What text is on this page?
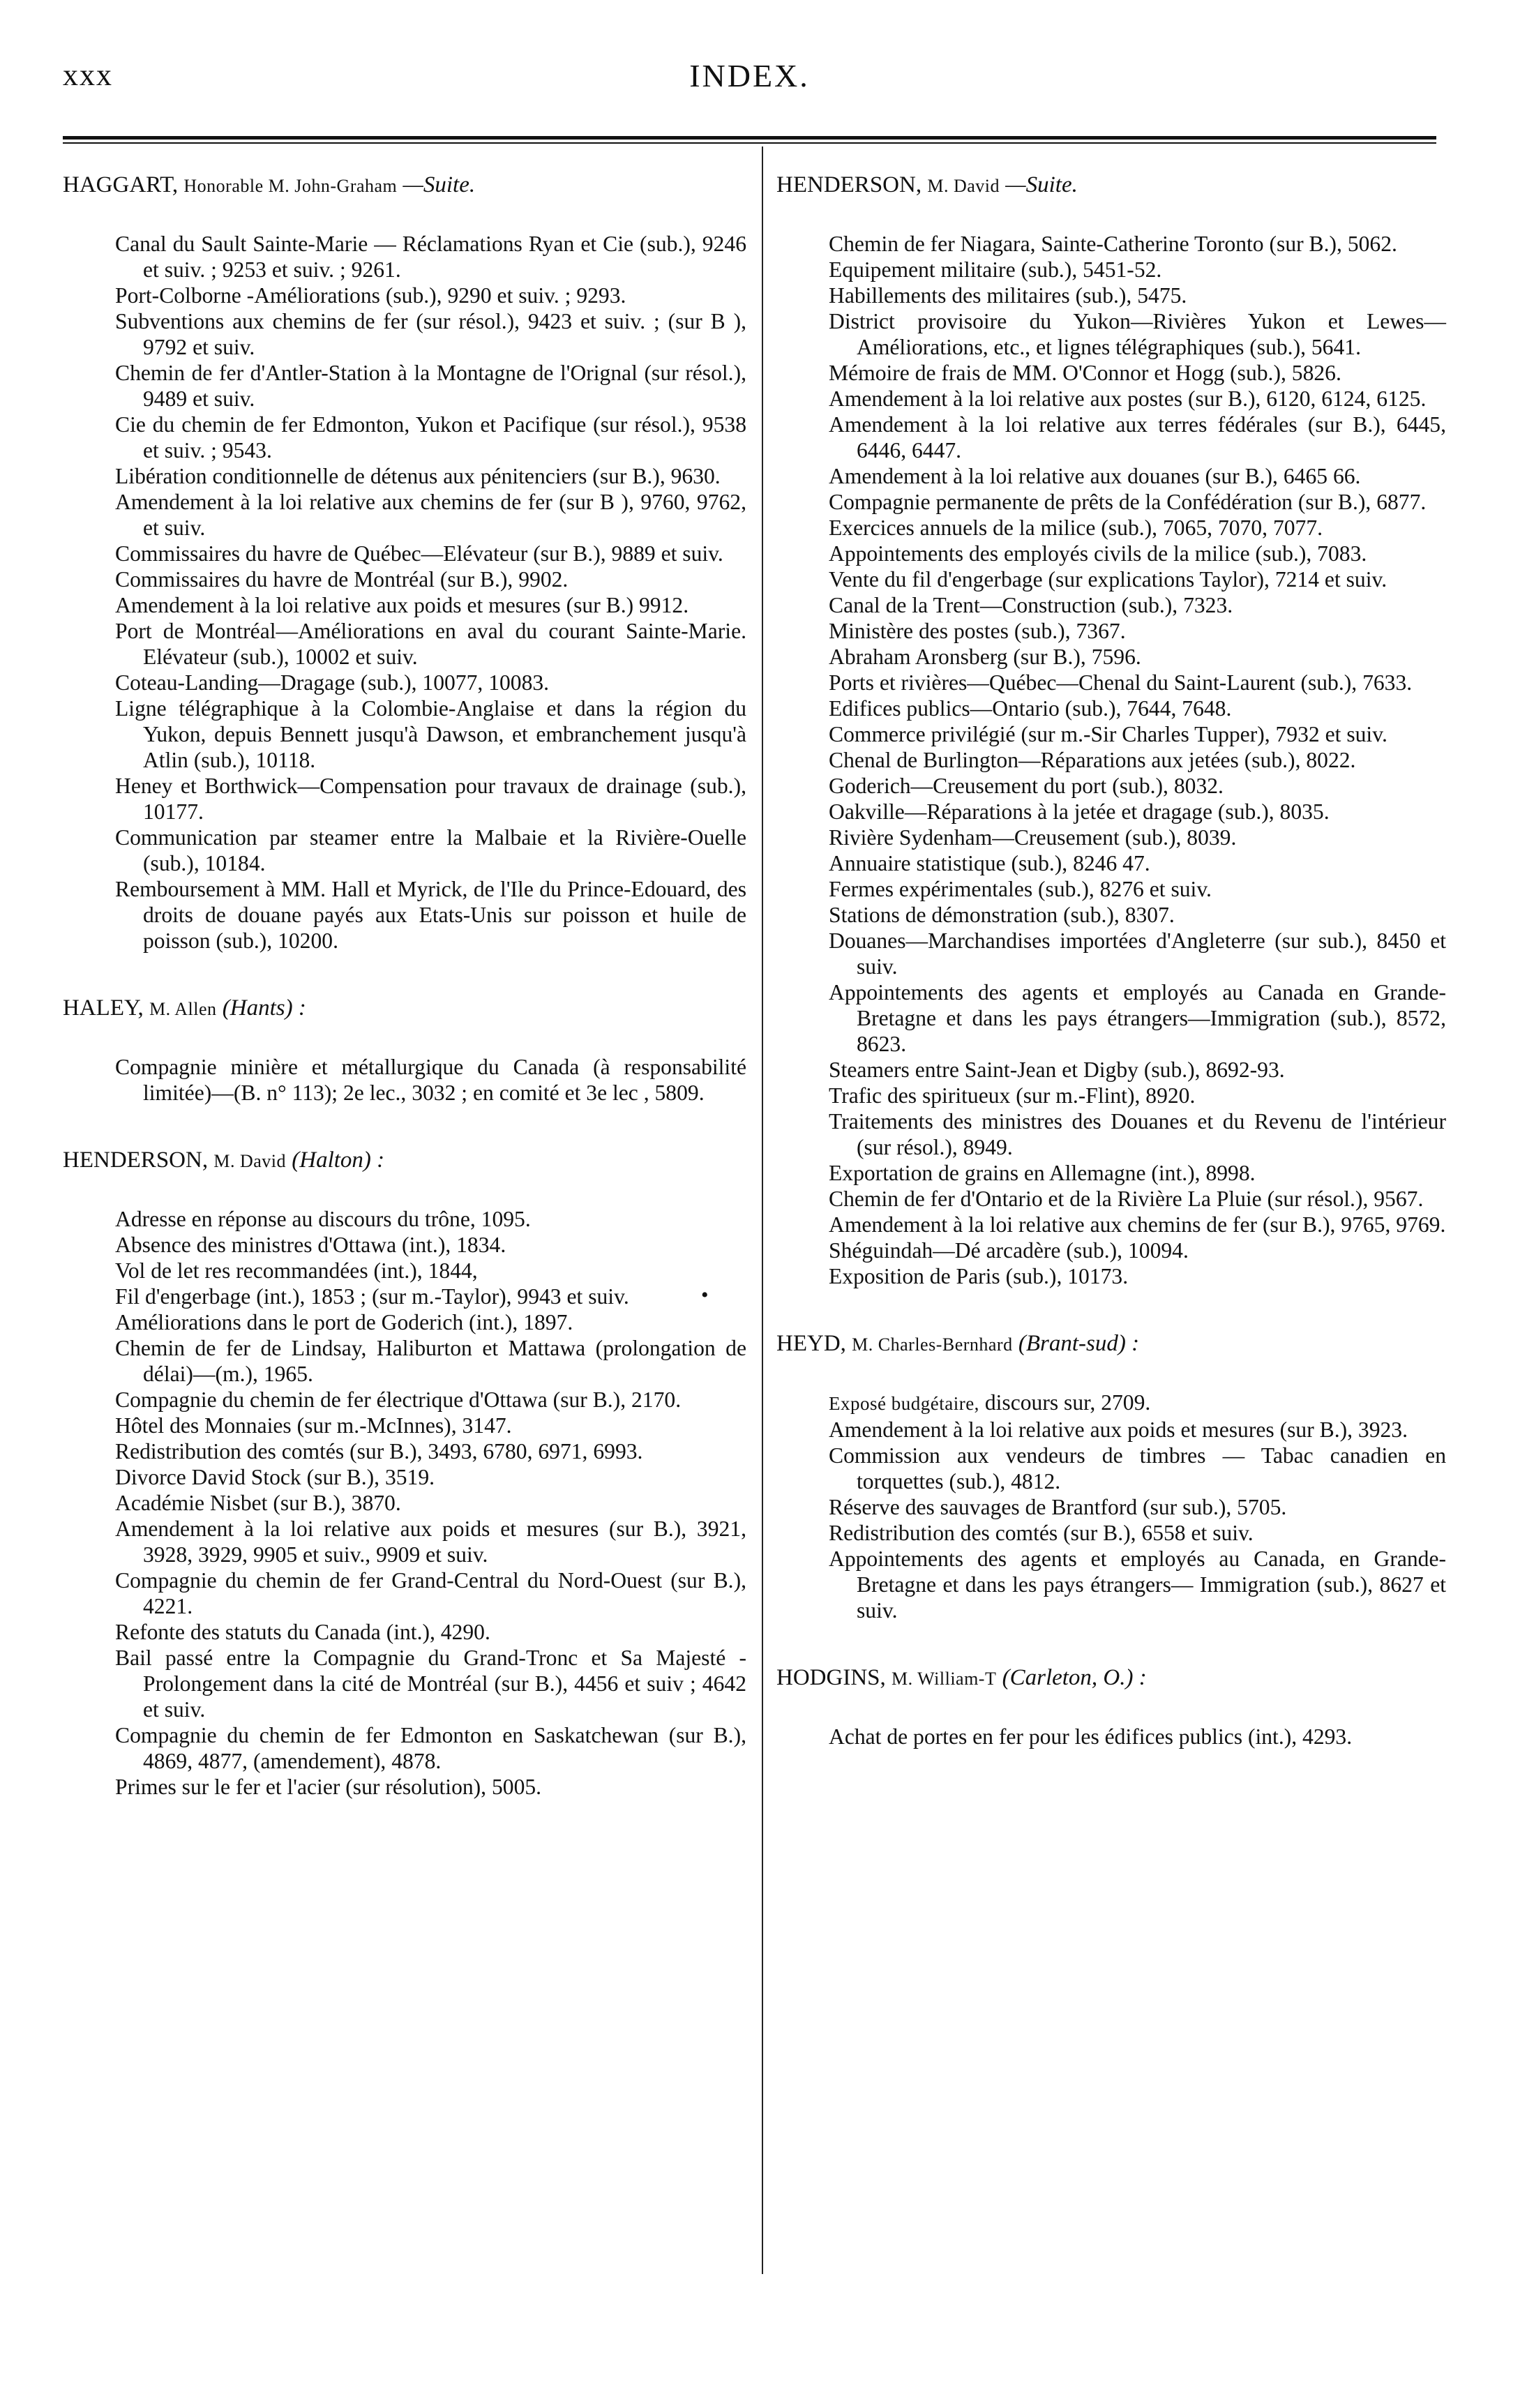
xxx	INDEX.
HAGGART, Honorable M. John-Graham —Suite.
Canal du Sault Sainte-Marie — Réclamations Ryan et Cie (sub.), 9246 et suiv. ; 9253 et suiv. ; 9261.
Port-Colborne -Améliorations (sub.), 9290 et suiv. ; 9293.
Subventions aux chemins de fer (sur résol.), 9423 et suiv. ; (sur B ), 9792 et suiv.
Chemin de fer d'Antler-Station à la Montagne de l'Orignal (sur résol.), 9489 et suiv.
Cie du chemin de fer Edmonton, Yukon et Pacifique (sur résol.), 9538 et suiv. ; 9543.
Libération conditionnelle de détenus aux pénitenciers (sur B.), 9630.
Amendement à la loi relative aux chemins de fer (sur B ), 9760, 9762, et suiv.
Commissaires du havre de Québec—Elévateur (sur B.), 9889 et suiv.
Commissaires du havre de Montréal (sur B.), 9902.
Amendement à la loi relative aux poids et mesures (sur B.) 9912.
Port de Montréal—Améliorations en aval du courant Sainte-Marie. Elévateur (sub.), 10002 et suiv.
Coteau-Landing—Dragage (sub.), 10077, 10083.
Ligne télégraphique à la Colombie-Anglaise et dans la région du Yukon, depuis Bennett jusqu'à Dawson, et embranchement jusqu'à Atlin (sub.), 10118.
Heney et Borthwick—Compensation pour travaux de drainage (sub.), 10177.
Communication par steamer entre la Malbaie et la Rivière-Ouelle (sub.), 10184.
Remboursement à MM. Hall et Myrick, de l'Ile du Prince-Edouard, des droits de douane payés aux Etats-Unis sur poisson et huile de poisson (sub.), 10200.
HALEY, M. Allen (Hants) :
Compagnie minière et métallurgique du Canada (à responsabilité limitée)—(B. n° 113); 2e lec., 3032 ; en comité et 3e lec , 5809.
HENDERSON, M. David (Halton) :
Adresse en réponse au discours du trône, 1095.
Absence des ministres d'Ottawa (int.), 1834.
Vol de let res recommandées (int.), 1844,
Fil d'engerbage (int.), 1853 ; (sur m.-Taylor), 9943 et suiv.
Améliorations dans le port de Goderich (int.), 1897.
Chemin de fer de Lindsay, Haliburton et Mattawa (prolongation de délai)—(m.), 1965.
Compagnie du chemin de fer électrique d'Ottawa (sur B.), 2170.
Hôtel des Monnaies (sur m.-McInnes), 3147.
Redistribution des comtés (sur B.), 3493, 6780, 6971, 6993.
Divorce David Stock (sur B.), 3519.
Académie Nisbet (sur B.), 3870.
Amendement à la loi relative aux poids et mesures (sur B.), 3921, 3928, 3929, 9905 et suiv., 9909 et suiv.
Compagnie du chemin de fer Grand-Central du Nord-Ouest (sur B.), 4221.
Refonte des statuts du Canada (int.), 4290.
Bail passé entre la Compagnie du Grand-Tronc et Sa Majesté - Prolongement dans la cité de Montréal (sur B.), 4456 et suiv ; 4642 et suiv.
Compagnie du chemin de fer Edmonton en Saskatchewan (sur B.), 4869, 4877, (amendement), 4878.
Primes sur le fer et l'acier (sur résolution), 5005.
HENDERSON, M. David —Suite.
Chemin de fer Niagara, Sainte-Catherine Toronto (sur B.), 5062.
Equipement militaire (sub.), 5451-52.
Habillements des militaires (sub.), 5475.
District provisoire du Yukon—Rivières Yukon et Lewes—Améliorations, etc., et lignes télégraphiques (sub.), 5641.
Mémoire de frais de MM. O'Connor et Hogg (sub.), 5826.
Amendement à la loi relative aux postes (sur B.), 6120, 6124, 6125.
Amendement à la loi relative aux terres fédérales (sur B.), 6445, 6446, 6447.
Amendement à la loi relative aux douanes (sur B.), 6465 66.
Compagnie permanente de prêts de la Confédération (sur B.), 6877.
Exercices annuels de la milice (sub.), 7065, 7070, 7077.
Appointements des employés civils de la milice (sub.), 7083.
Vente du fil d'engerbage (sur explications Taylor), 7214 et suiv.
Canal de la Trent—Construction (sub.), 7323.
Ministère des postes (sub.), 7367.
Abraham Aronsberg (sur B.), 7596.
Ports et rivières—Québec—Chenal du Saint-Laurent (sub.), 7633.
Edifices publics—Ontario (sub.), 7644, 7648.
Commerce privilégié (sur m.-Sir Charles Tupper), 7932 et suiv.
Chenal de Burlington—Réparations aux jetées (sub.), 8022.
Goderich—Creusement du port (sub.), 8032.
Oakville—Réparations à la jetée et dragage (sub.), 8035.
Rivière Sydenham—Creusement (sub.), 8039.
Annuaire statistique (sub.), 8246 47.
Fermes expérimentales (sub.), 8276 et suiv.
Stations de démonstration (sub.), 8307.
Douanes—Marchandises importées d'Angleterre (sur sub.), 8450 et suiv.
Appointements des agents et employés au Canada en Grande-Bretagne et dans les pays étrangers—Immigration (sub.), 8572, 8623.
Steamers entre Saint-Jean et Digby (sub.), 8692-93.
Trafic des spiritueux (sur m.-Flint), 8920.
Traitements des ministres des Douanes et du Revenu de l'intérieur (sur résol.), 8949.
Exportation de grains en Allemagne (int.), 8998.
Chemin de fer d'Ontario et de la Rivière La Pluie (sur résol.), 9567.
Amendement à la loi relative aux chemins de fer (sur B.), 9765, 9769.
Shéguindah—Dé arcadère (sub.), 10094.
Exposition de Paris (sub.), 10173.
HEYD, M. Charles-Bernhard (Brant-sud) :
Exposé budgétaire, discours sur, 2709.
Amendement à la loi relative aux poids et mesures (sur B.), 3923.
Commission aux vendeurs de timbres — Tabac canadien en torquettes (sub.), 4812.
Réserve des sauvages de Brantford (sur sub.), 5705.
Redistribution des comtés (sur B.), 6558 et suiv.
Appointements des agents et employés au Canada, en Grande-Bretagne et dans les pays étrangers— Immigration (sub.), 8627 et suiv.
HODGINS, M. William-T (Carleton, O.) :
Achat de portes en fer pour les édifices publics (int.), 4293.
•
